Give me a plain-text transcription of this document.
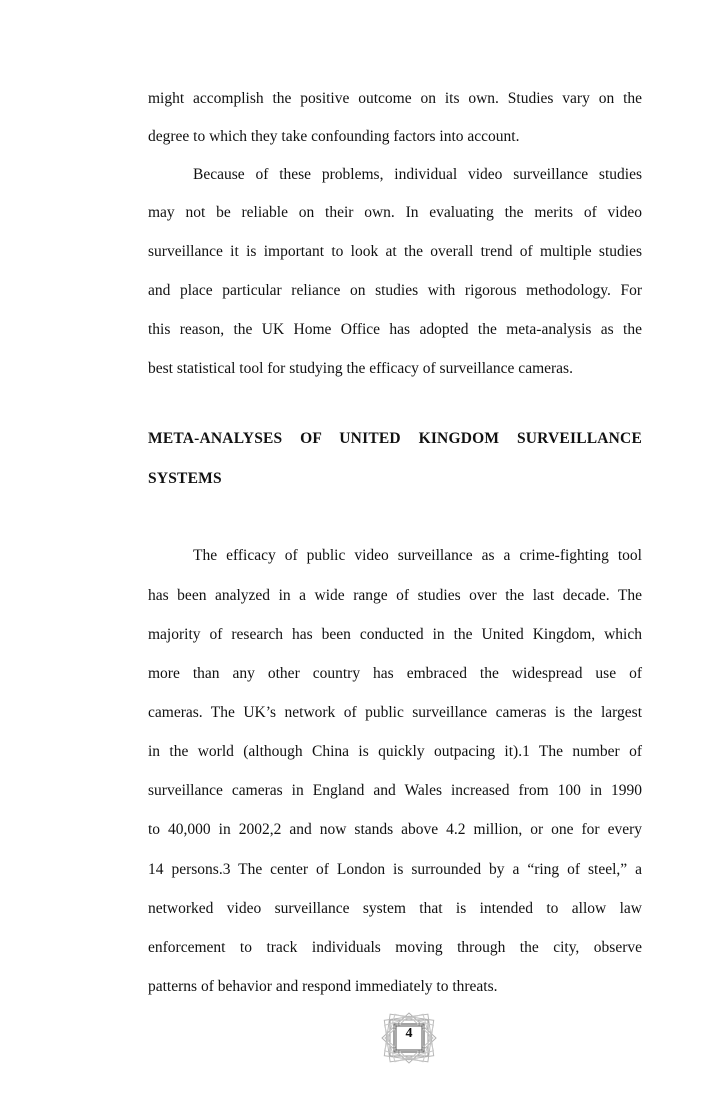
might accomplish the positive outcome on its own. Studies vary on the
degree to which they take confounding factors into account.
Because of these problems, individual video surveillance studies
may not be reliable on their own. In evaluating the merits of video
surveillance it is important to look at the overall trend of multiple studies
and place particular reliance on studies with rigorous methodology. For
this reason, the UK Home Office has adopted the meta-analysis as the
best statistical tool for studying the efficacy of surveillance cameras.
META-ANALYSES OF UNITED KINGDOM SURVEILLANCE
SYSTEMS
The efficacy of public video surveillance as a crime-fighting tool
has been analyzed in a wide range of studies over the last decade. The
majority of research has been conducted in the United Kingdom, which
more than any other country has embraced the widespread use of
cameras. The UK’s network of public surveillance cameras is the largest
in the world (although China is quickly outpacing it).1 The number of
surveillance cameras in England and Wales increased from 100 in 1990
to 40,000 in 2002,2 and now stands above 4.2 million, or one for every
14 persons.3 The center of London is surrounded by a “ring of steel,” a
networked video surveillance system that is intended to allow law
enforcement to track individuals moving through the city, observe
patterns of behavior and respond immediately to threats.
4
